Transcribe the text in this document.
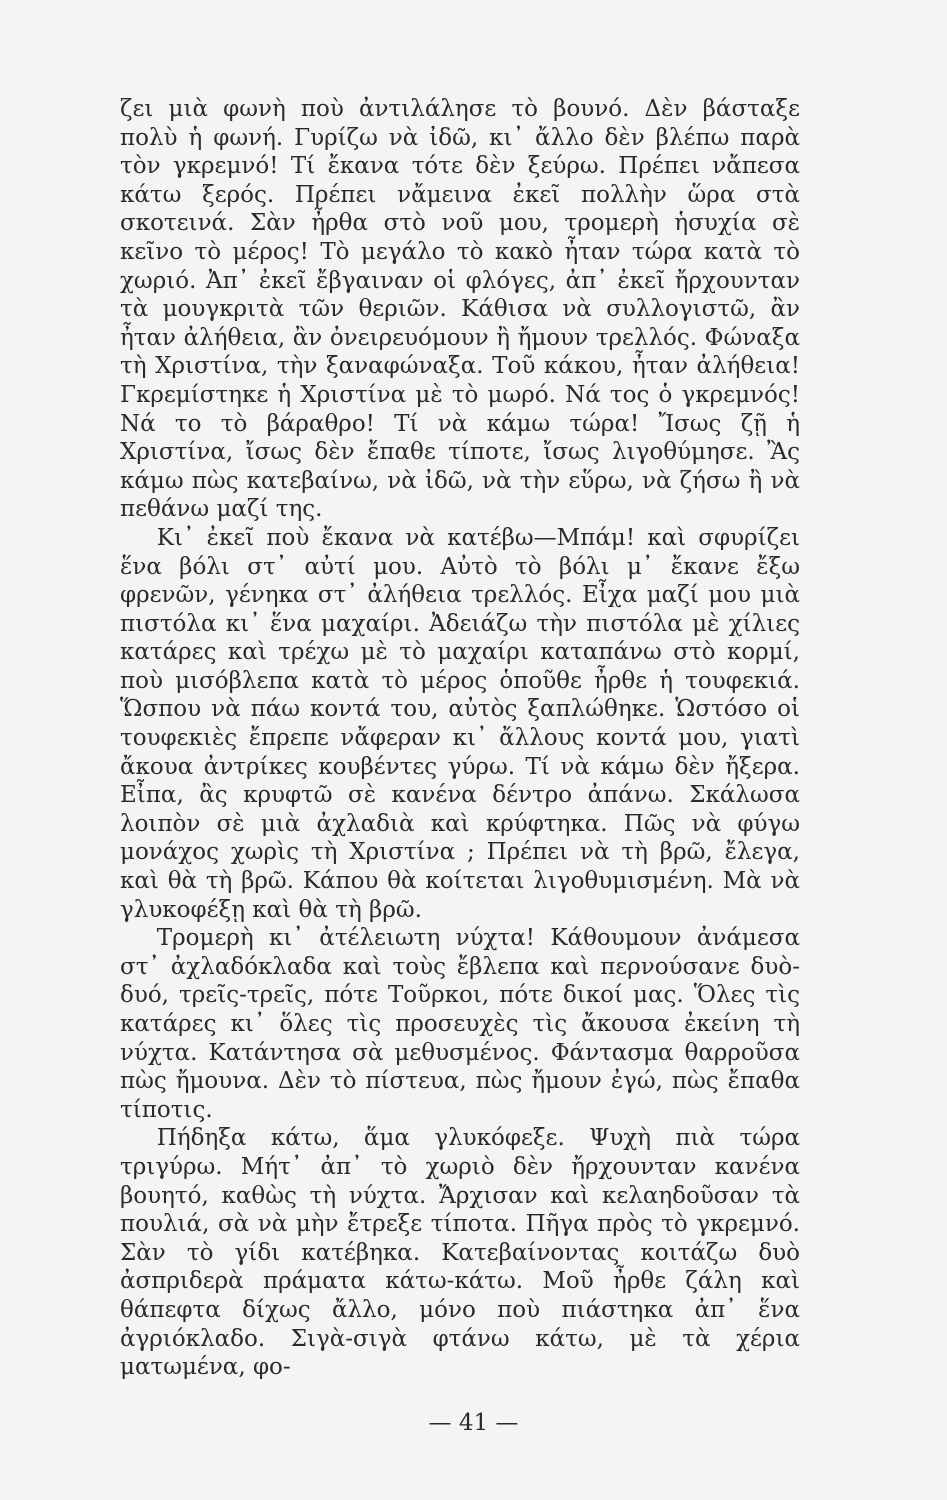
ζει μιὰ φωνὴ ποὺ ἀντιλάλησε τὸ βουνό. Δὲν βάσταξε πολὺ ἡ φωνή. Γυρίζω νὰ ἰδῶ, κι᾿ ἄλλο δὲν βλέπω παρὰ τὸν γκρεμνό! Τί ἔκανα τότε δὲν ξεύρω. Πρέπει νἄπεσα κάτω ξερός. Πρέπει νἄμεινα ἐκεῖ πολλὴν ὥρα στὰ σκοτεινά. Σὰν ἦρθα στὸ νοῦ μου, τρομερὴ ἡσυχία σὲ κεῖνο τὸ μέρος! Τὸ μεγάλο τὸ κακὸ ἦταν τώρα κατὰ τὸ χωριό. Ἀπ᾿ ἐκεῖ ἔβγαιναν οἱ φλόγες, ἀπ᾿ ἐκεῖ ἤρχουνταν τὰ μουγκριτὰ τῶν θεριῶν. Κάθισα νὰ συλλογιστῶ, ἂν ἦταν ἀλήθεια, ἂν ὀνειρευόμουν ἢ ἤμουν τρελλός. Φώναξα τὴ Χριστίνα, τὴν ξαναφώναξα. Τοῦ κάκου, ἦταν ἀλήθεια! Γκρεμίστηκε ἡ Χριστίνα μὲ τὸ μωρό. Νά τος ὁ γκρεμνός! Νά το τὸ βάραθρο! Τί νὰ κάμω τώρα! Ἴσως ζῇ ἡ Χριστίνα, ἴσως δὲν ἔπαθε τίποτε, ἴσως λιγοθύμησε. Ἂς κάμω πὼς κατεβαίνω, νὰ ἰδῶ, νὰ τὴν εὕρω, νὰ ζήσω ἢ νὰ πεθάνω μαζί της.

Κι᾿ ἐκεῖ ποὺ ἔκανα νὰ κατέβω—Μπάμ! καὶ σφυρίζει ἕνα βόλι στ᾿ αὐτί μου. Αὐτὸ τὸ βόλι μ᾿ ἔκανε ἔξω φρενῶν, γένηκα στ᾿ ἀλήθεια τρελλός. Εἶχα μαζί μου μιὰ πιστόλα κι᾿ ἕνα μαχαίρι. Ἀδειάζω τὴν πιστόλα μὲ χίλιες κατάρες καὶ τρέχω μὲ τὸ μαχαίρι καταπάνω στὸ κορμί, ποὺ μισόβλεπα κατὰ τὸ μέρος ὁποῦθε ἦρθε ἡ τουφεκιά. Ὥσπου νὰ πάω κοντά του, αὐτὸς ξαπλώθηκε. Ὡστόσο οἱ τουφεκιὲς ἔπρεπε νἄφεραν κι᾿ ἄλλους κοντά μου, γιατὶ ἄκουα ἀντρίκες κουβέντες γύρω. Τί νὰ κάμω δὲν ἤξερα. Εἶπα, ἂς κρυφτῶ σὲ κανένα δέντρο ἀπάνω. Σκάλωσα λοιπὸν σὲ μιὰ ἀχλαδιὰ καὶ κρύφτηκα. Πῶς νὰ φύγω μονάχος χωρὶς τὴ Χριστίνα ; Πρέπει νὰ τὴ βρῶ, ἔλεγα, καὶ θὰ τὴ βρῶ. Κάπου θὰ κοίτεται λιγοθυμισμένη. Μὰ νὰ γλυκοφέξῃ καὶ θὰ τὴ βρῶ.

Τρομερὴ κι᾿ ἀτέλειωτη νύχτα! Κάθουμουν ἀνάμεσα στ᾿ ἀχλαδόκλαδα καὶ τοὺς ἔβλεπα καὶ περνούσανε δυὸ-δυό, τρεῖς-τρεῖς, πότε Τοῦρκοι, πότε δικοί μας. Ὅλες τὶς κατάρες κι᾿ ὅλες τὶς προσευχὲς τὶς ἄκουσα ἐκείνη τὴ νύχτα. Κατάντησα σὰ μεθυσμένος. Φάντασμα θαρροῦσα πὼς ἤμουνα. Δὲν τὸ πίστευα, πὼς ἤμουν ἐγώ, πὼς ἔπαθα τίποτις.

Πήδηξα κάτω, ἅμα γλυκόφεξε. Ψυχὴ πιὰ τώρα τριγύρω. Μήτ᾿ ἀπ᾿ τὸ χωριὸ δὲν ἤρχουνταν κανένα βουητό, καθὼς τὴ νύχτα. Ἄρχισαν καὶ κελαηδοῦσαν τὰ πουλιά, σὰ νὰ μὴν ἔτρεξε τίποτα. Πῆγα πρὸς τὸ γκρεμνό. Σὰν τὸ γίδι κατέβηκα. Κατεβαίνοντας κοιτάζω δυὸ ἀσπριδερὰ πράματα κάτω-κάτω. Μοῦ ἦρθε ζάλη καὶ θάπεφτα δίχως ἄλλο, μόνο ποὺ πιάστηκα ἀπ᾿ ἕνα ἀγριόκλαδο. Σιγὰ-σιγὰ φτάνω κάτω, μὲ τὰ χέρια ματωμένα, φο-

— 41 —
